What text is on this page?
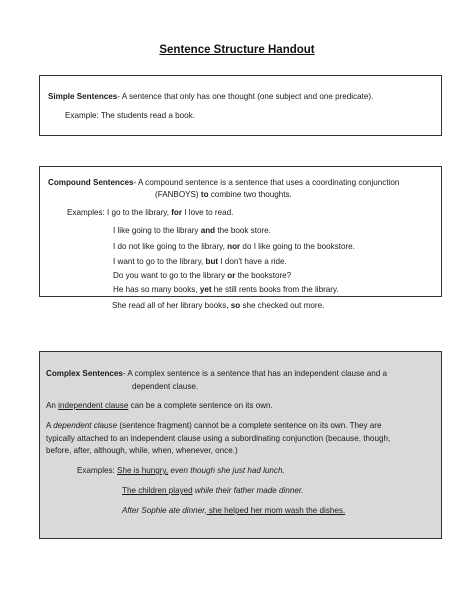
Sentence Structure Handout
Simple Sentences- A sentence that only has one thought (one subject and one predicate).
Example: The students read a book.
Compound Sentences- A compound sentence is a sentence that uses a coordinating conjunction
(FANBOYS) to combine two thoughts.
Examples: I go to the library, for I love to read.
I like going to the library and the book store.
I do not like going to the library, nor do I like going to the bookstore.
I want to go to the library, but I don't have a ride.
Do you want to go to the library or the bookstore?
He has so many books, yet he still rents books from the library.
She read all of her library books, so she checked out more.
Complex Sentences- A complex sentence is a sentence that has an independent clause and a
dependent clause.
An independent clause can be a complete sentence on its own.
A dependent clause (sentence fragment) cannot be a complete sentence on its own. They are
typically attached to an independent clause using a subordinating conjunction (because, though,
before, after, although, while, when, whenever, once.)
Examples: She is hungry, even though she just had lunch.
The children played while their father made dinner.
After Sophie ate dinner, she helped her mom wash the dishes.
